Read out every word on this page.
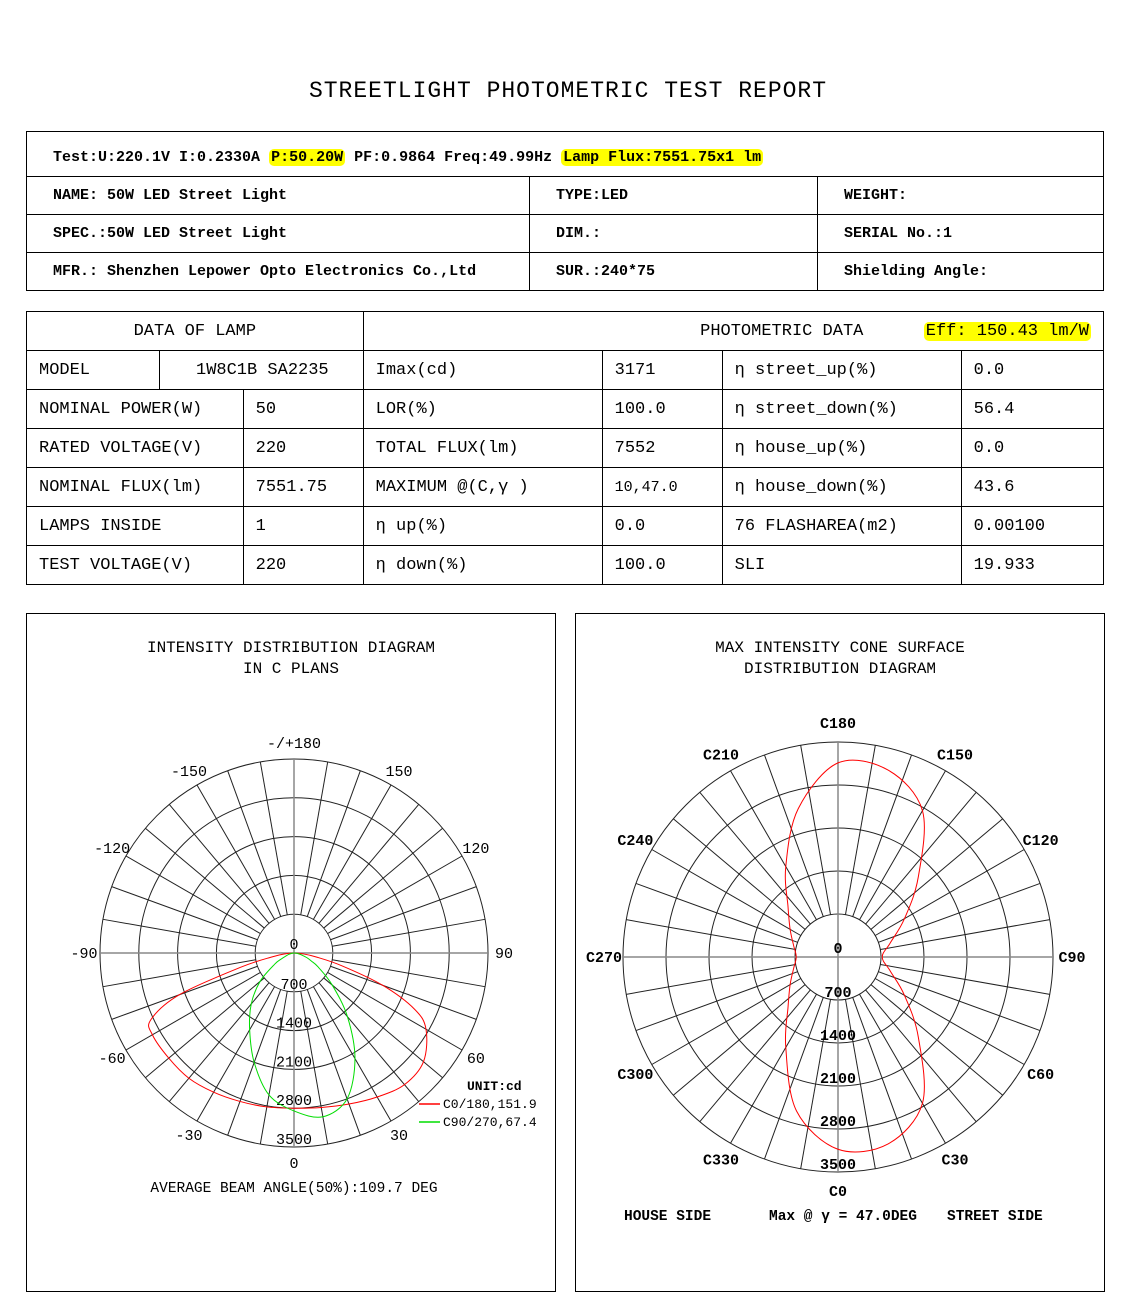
STREETLIGHT PHOTOMETRIC TEST REPORT
Test:U:220.1V I:0.2330A P:50.20W PF:0.9864 Freq:49.99Hz Lamp Flux:7551.75x1 lm		
NAME: 50W LED Street Light	TYPE:LED	WEIGHT:
SPEC.:50W LED Street Light	DIM.:	SERIAL No.:1
MFR.: Shenzhen Lepower Opto Electronics Co.,Ltd	SUR.:240*75	Shielding Angle:
DATA OF LAMP			PHOTOMETRIC DATA Eff: 150.43 lm/W			
MODEL	1W8C1B SA2235		Imax(cd)	3171	η street_up(%)	0.0
NOMINAL POWER(W)		50	LOR(%)	100.0	η street_down(%)	56.4
RATED VOLTAGE(V)		220	TOTAL FLUX(lm)	7552	η house_up(%)	0.0
NOMINAL FLUX(lm)		7551.75	MAXIMUM @(C,γ )	10,47.0	η house_down(%)	43.6
LAMPS INSIDE		1	η up(%)	0.0	76 FLASHAREA(m2)	0.00100
TEST VOLTAGE(V)		220	η down(%)	100.0	SLI	19.933
INTENSITY DISTRIBUTION DIAGRAM
IN C PLANS
0
700
1400
2100
2800
3500
0
30
60
90
120
150
-/+180
-150
-120
-90
-60
-30
C0/180,151.9
C90/270,67.4
UNIT:cd
AVERAGE BEAM ANGLE(50%):109.7 DEG
MAX INTENSITY CONE SURFACE
DISTRIBUTION DIAGRAM
0
700
1400
2100
2800
3500
C0
C30
C60
C90
C120
C150
C180
C210
C240
C270
C300
C330
HOUSE SIDE	Max @ γ = 47.0DEG STREET SIDE
